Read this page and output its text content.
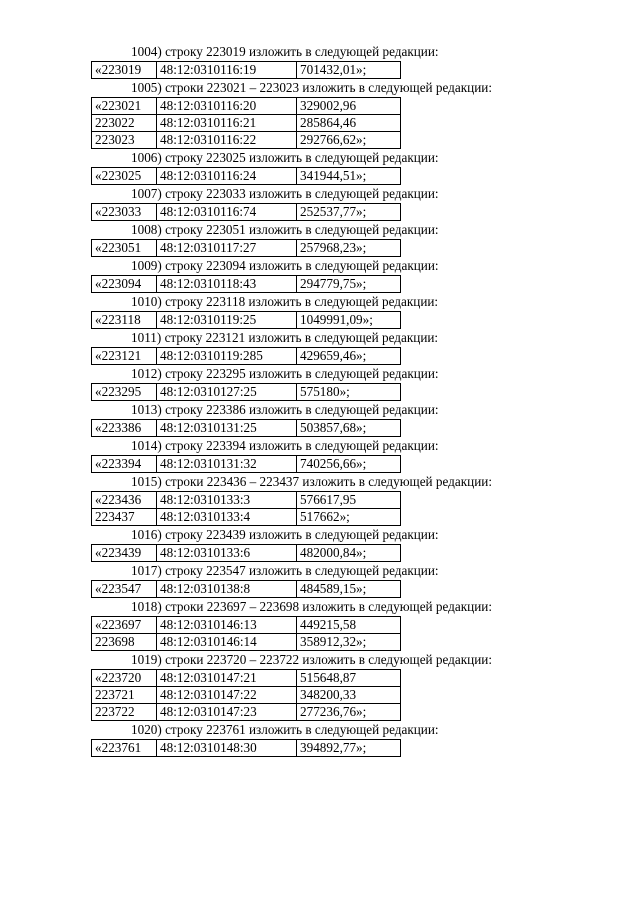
1004) строку 223019 изложить в следующей редакции:
«223019	48:12:0310116:19	701432,01»;
1005) строки 223021 – 223023 изложить в следующей редакции:
«223021	48:12:0310116:20	329002,96
223022	48:12:0310116:21	285864,46
223023	48:12:0310116:22	292766,62»;
1006) строку 223025 изложить в следующей редакции:
«223025	48:12:0310116:24	341944,51»;
1007) строку 223033 изложить в следующей редакции:
«223033	48:12:0310116:74	252537,77»;
1008) строку 223051 изложить в следующей редакции:
«223051	48:12:0310117:27	257968,23»;
1009) строку 223094 изложить в следующей редакции:
«223094	48:12:0310118:43	294779,75»;
1010) строку 223118 изложить в следующей редакции:
«223118	48:12:0310119:25	1049991,09»;
1011) строку 223121 изложить в следующей редакции:
«223121	48:12:0310119:285	429659,46»;
1012) строку 223295 изложить в следующей редакции:
«223295	48:12:0310127:25	575180»;
1013) строку 223386 изложить в следующей редакции:
«223386	48:12:0310131:25	503857,68»;
1014) строку 223394 изложить в следующей редакции:
«223394	48:12:0310131:32	740256,66»;
1015) строки 223436 – 223437 изложить в следующей редакции:
«223436	48:12:0310133:3	576617,95
223437	48:12:0310133:4	517662»;
1016) строку 223439 изложить в следующей редакции:
«223439	48:12:0310133:6	482000,84»;
1017) строку 223547 изложить в следующей редакции:
«223547	48:12:0310138:8	484589,15»;
1018) строки 223697 – 223698 изложить в следующей редакции:
«223697	48:12:0310146:13	449215,58
223698	48:12:0310146:14	358912,32»;
1019) строки 223720 – 223722 изложить в следующей редакции:
«223720	48:12:0310147:21	515648,87
223721	48:12:0310147:22	348200,33
223722	48:12:0310147:23	277236,76»;
1020) строку 223761 изложить в следующей редакции:
«223761	48:12:0310148:30	394892,77»;
